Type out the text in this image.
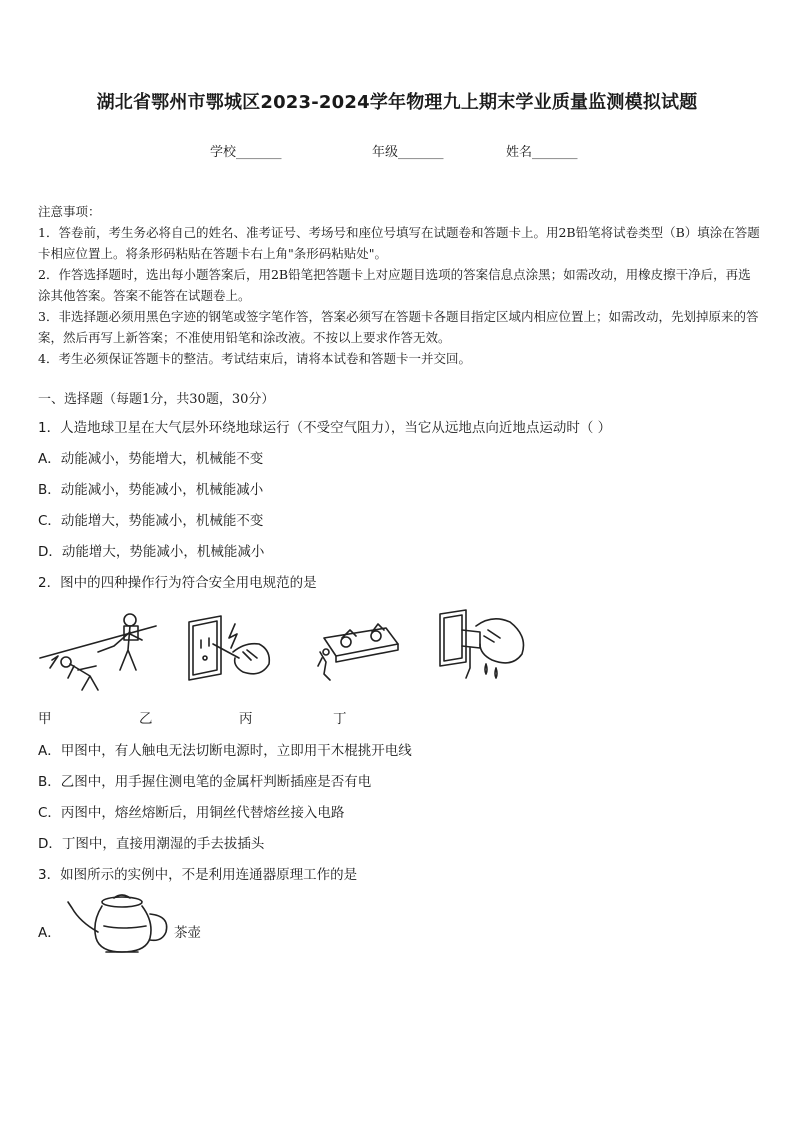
湖北省鄂州市鄂城区2023-2024学年物理九上期末学业质量监测模拟试题
学校_______	年级_______	姓名_______

注意事项：

1．答卷前，考生务必将自己的姓名、准考证号、考场号和座位号填写在试题卷和答题卡上。用2B铅笔将试卷类型（B）填涂在答题卡相应位置上。将条形码粘贴在答题卡右上角"条形码粘贴处"。

2．作答选择题时，选出每小题答案后，用2B铅笔把答题卡上对应题目选项的答案信息点涂黑；如需改动，用橡皮擦干净后，再选涂其他答案。答案不能答在试题卷上。

3．非选择题必须用黑色字迹的钢笔或签字笔作答，答案必须写在答题卡各题目指定区域内相应位置上；如需改动，先划掉原来的答案，然后再写上新答案；不准使用铅笔和涂改液。不按以上要求作答无效。

4．考生必须保证答题卡的整洁。考试结束后，请将本试卷和答题卡一并交回。

一、选择题（每题1分，共30题，30分）
1．人造地球卫星在大气层外环绕地球运行（不受空气阻力），当它从远地点向近地点运动时（ ）
A．动能减小，势能增大，机械能不变
B．动能减小，势能减小，机械能减小
C．动能增大，势能减小，机械能不变
D．动能增大，势能减小，机械能减小
2．图中的四种操作行为符合安全用电规范的是
甲	乙	丙	丁
A．甲图中，有人触电无法切断电源时，立即用干木棍挑开电线
B．乙图中，用手握住测电笔的金属杆判断插座是否有电
C．丙图中，熔丝熔断后，用铜丝代替熔丝接入电路
D．丁图中，直接用潮湿的手去拔插头
3．如图所示的实例中，不是利用连通器原理工作的是
A．	茶壶
